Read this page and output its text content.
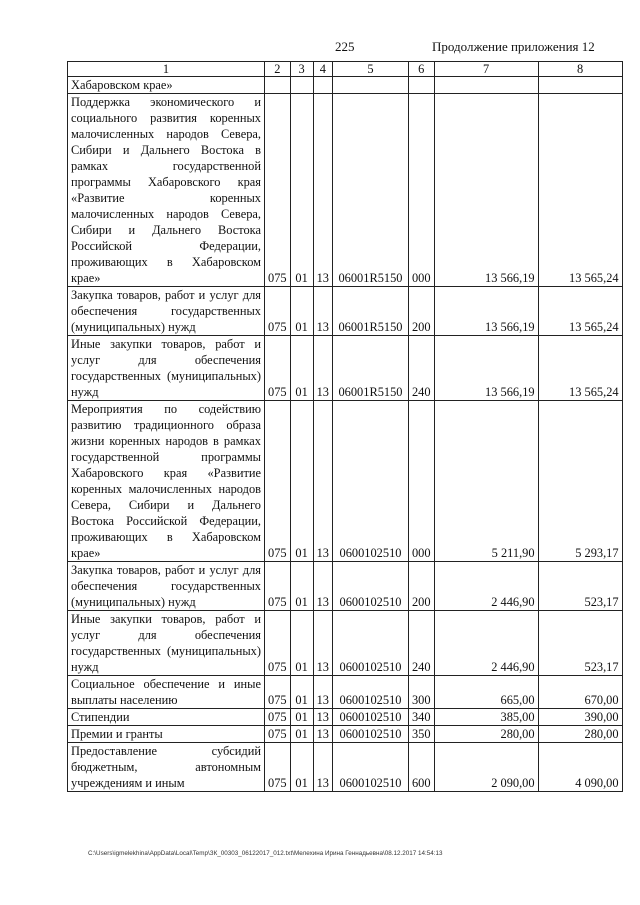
225	Продолжение приложения 12
1	2	3	4	5	6	7	8
Хабаровском крае»							
Поддержка экономического и социального развития коренных малочисленных народов Севера, Сибири и Дальнего Востока в рамках государственной программы Хабаровского края «Развитие коренных малочисленных народов Севера, Сибири и Дальнего Востока Российской Федерации, проживающих в Хабаровском крае»	075	01	13	06001R5150	000	13 566,19	13 565,24
Закупка товаров, работ и услуг для обеспечения государственных (муниципальных) нужд	075	01	13	06001R5150	200	13 566,19	13 565,24
Иные закупки товаров, работ и услуг для обеспечения государственных (муниципальных) нужд	075	01	13	06001R5150	240	13 566,19	13 565,24
Мероприятия по содействию развитию традиционного образа жизни коренных народов в рамках государственной программы Хабаровского края «Развитие коренных малочисленных народов Севера, Сибири и Дальнего Востока Российской Федерации, проживающих в Хабаровском крае»	075	01	13	0600102510	000	5 211,90	5 293,17
Закупка товаров, работ и услуг для обеспечения государственных (муниципальных) нужд	075	01	13	0600102510	200	2 446,90	523,17
Иные закупки товаров, работ и услуг для обеспечения государственных (муниципальных) нужд	075	01	13	0600102510	240	2 446,90	523,17
Социальное обеспечение и иные выплаты населению	075	01	13	0600102510	300	665,00	670,00
Стипендии	075	01	13	0600102510	340	385,00	390,00
Премии и гранты	075	01	13	0600102510	350	280,00	280,00
Предоставление субсидий бюджетным, автономным учреждениям и иным	075	01	13	0600102510	600	2 090,00	4 090,00
C:\Users\igmelekhina\AppData\Local\Temp\ЗК_00303_06122017_012.txt\Мелехина Ирина Геннадьевна\08.12.2017 14:54:13
